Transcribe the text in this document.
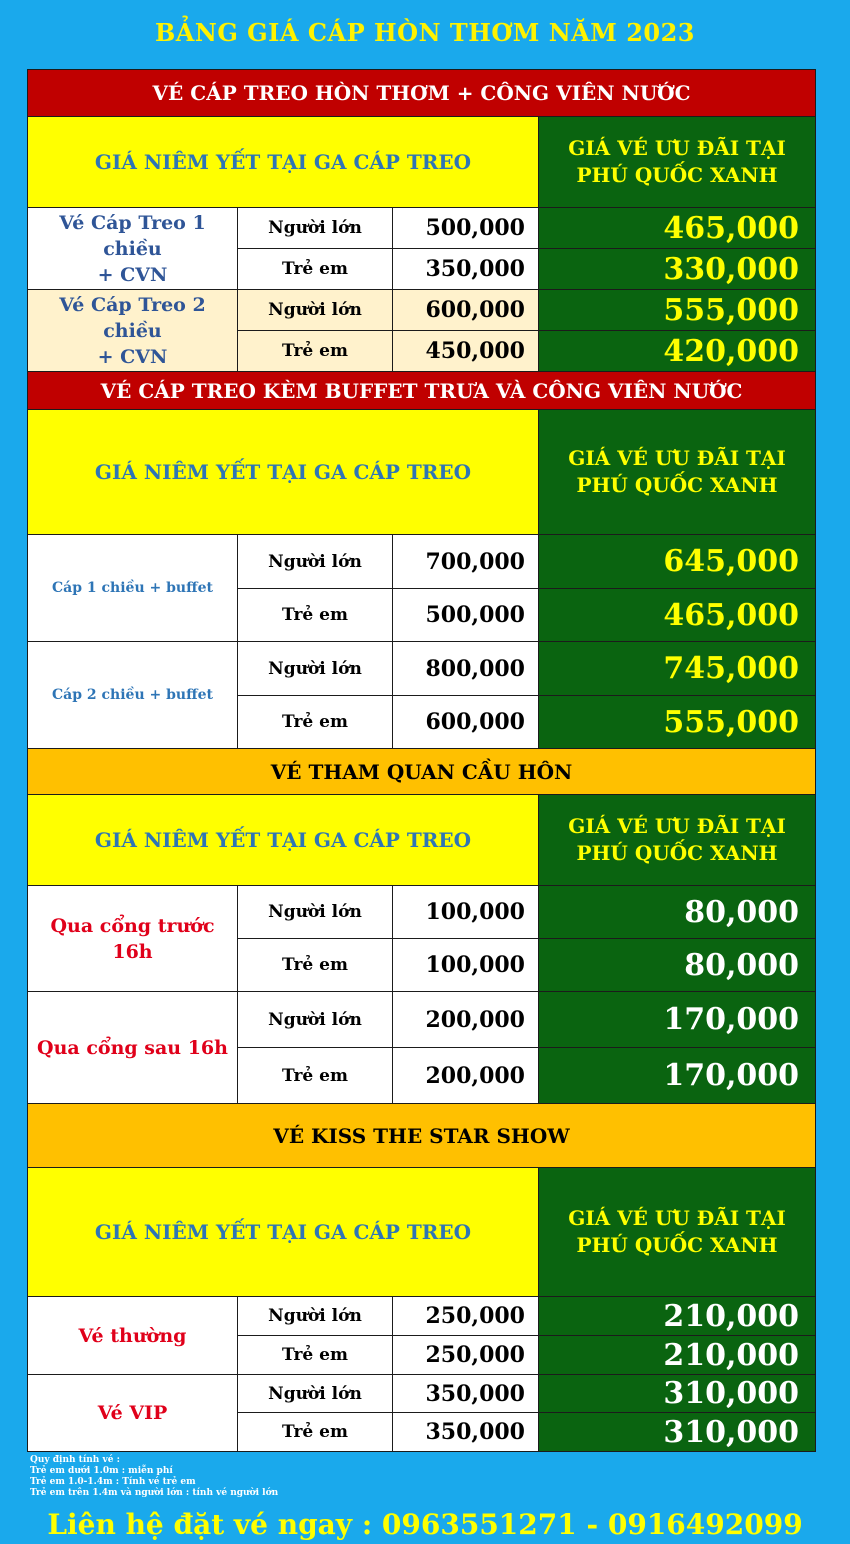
BẢNG GIÁ CÁP HÒN THƠM NĂM 2023
VÉ CÁP TREO HÒN THƠM + CÔNG VIÊN NƯỚC			
GIÁ NIÊM YẾT TẠI GA CÁP TREO			GIÁ VÉ ƯU ĐÃI TẠI
PHÚ QUỐC XANH
Vé Cáp Treo 1 chiều
+ CVN	Người lớn	500,000	465,000
	Trẻ em	350,000	330,000
Vé Cáp Treo 2 chiều
+ CVN	Người lớn	600,000	555,000
	Trẻ em	450,000	420,000
VÉ CÁP TREO KÈM BUFFET TRƯA VÀ CÔNG VIÊN NƯỚC			
GIÁ NIÊM YẾT TẠI GA CÁP TREO			GIÁ VÉ ƯU ĐÃI TẠI
PHÚ QUỐC XANH
Cáp 1 chiều + buffet	Người lớn	700,000	645,000
	Trẻ em	500,000	465,000
Cáp 2 chiều + buffet	Người lớn	800,000	745,000
	Trẻ em	600,000	555,000
VÉ THAM QUAN CẦU HÔN			
GIÁ NIÊM YẾT TẠI GA CÁP TREO			GIÁ VÉ ƯU ĐÃI TẠI
PHÚ QUỐC XANH
Qua cổng trước 16h	Người lớn	100,000	80,000
	Trẻ em	100,000	80,000
Qua cổng sau 16h	Người lớn	200,000	170,000
	Trẻ em	200,000	170,000
VÉ KISS THE STAR SHOW			
GIÁ NIÊM YẾT TẠI GA CÁP TREO			GIÁ VÉ ƯU ĐÃI TẠI
PHÚ QUỐC XANH
Vé thường	Người lớn	250,000	210,000
	Trẻ em	250,000	210,000
Vé VIP	Người lớn	350,000	310,000
	Trẻ em	350,000	310,000
Quy định tính vé :
Trẻ em dưới 1.0m : miễn phí
Trẻ em 1.0-1.4m : Tính vé trẻ em
Trẻ em trên 1.4m và người lớn : tính vé người lớn
Liên hệ đặt vé ngay : 0963551271 - 0916492099
